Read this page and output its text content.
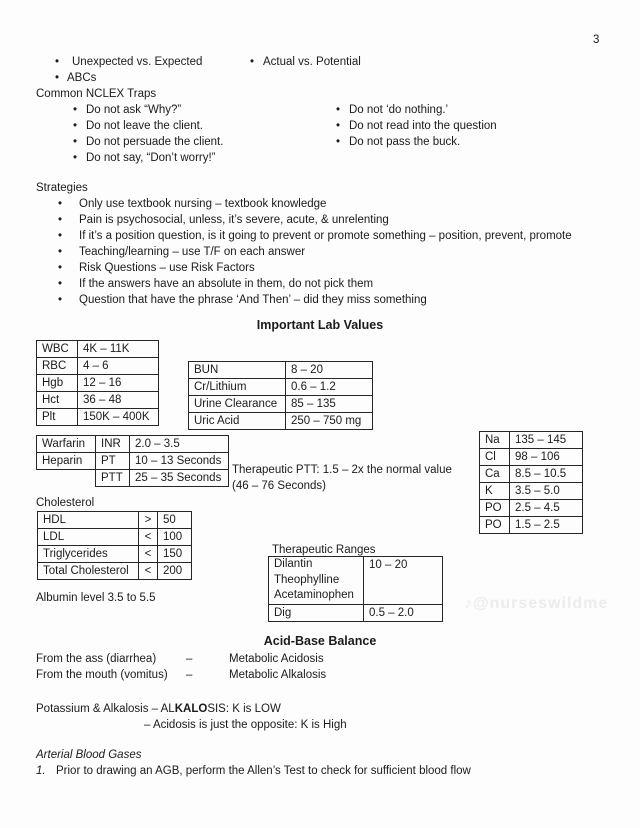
3
•
Unexpected vs. Expected •	Actual vs. Potential
•
ABCs
Common NCLEX Traps
•
Do not ask “Why?”
•
Do not leave the client.
•
Do not persuade the client.
•
Do not say, “Don’t worry!”
•
Do not ‘do nothing.’
•
Do not read into the question
•
Do not pass the buck.
Strategies
•
Only use textbook nursing – textbook knowledge
•
Pain is psychosocial, unless, it’s severe, acute, & unrelenting
•
If it’s a position question, is it going to prevent or promote something – position, prevent, promote
•
Teaching/learning – use T/F on each answer
•
Risk Questions – use Risk Factors
•
If the answers have an absolute in them, do not pick them
•
Question that have the phrase ‘And Then’ – did they miss something
Important Lab Values
WBC	4K – 11K
RBC	4 – 6
Hgb	12 – 16
Hct	36 – 48
Plt	150K – 400K
BUN	8 – 20
Cr/Lithium	0.6 – 1.2
Urine Clearance	85 – 135
Uric Acid	250 – 750 mg
Warfarin	INR	2.0 – 3.5
Heparin	PT	10 – 13 Seconds
	PTT	25 – 35 Seconds
Therapeutic PTT: 1.5 – 2x the normal value
(46 – 76 Seconds)
Na	135 – 145
Cl	98 – 106
Ca	8.5 – 10.5
K	3.5 – 5.0
PO	2.5 – 4.5
PO	1.5 – 2.5
Cholesterol
HDL	>	50
LDL	<	100
Triglycerides	<	150
Total Cholesterol	<	200
Therapeutic Ranges
Dilantin
Theophylline
Acetaminophen	10 – 20
Dig	0.5 – 2.0
Albumin level 3.5 to 5.5	♪@nurseswildme
Acid-Base Balance
From the ass (diarrhea)	–	Metabolic Acidosis
From the mouth (vomitus)	–	Metabolic Alkalosis
Potassium & Alkalosis – ALKALOSIS: K is LOW
– Acidosis is just the opposite: K is High
Arterial Blood Gases
1. Prior to drawing an AGB, perform the Allen’s Test to check for sufficient blood flow
